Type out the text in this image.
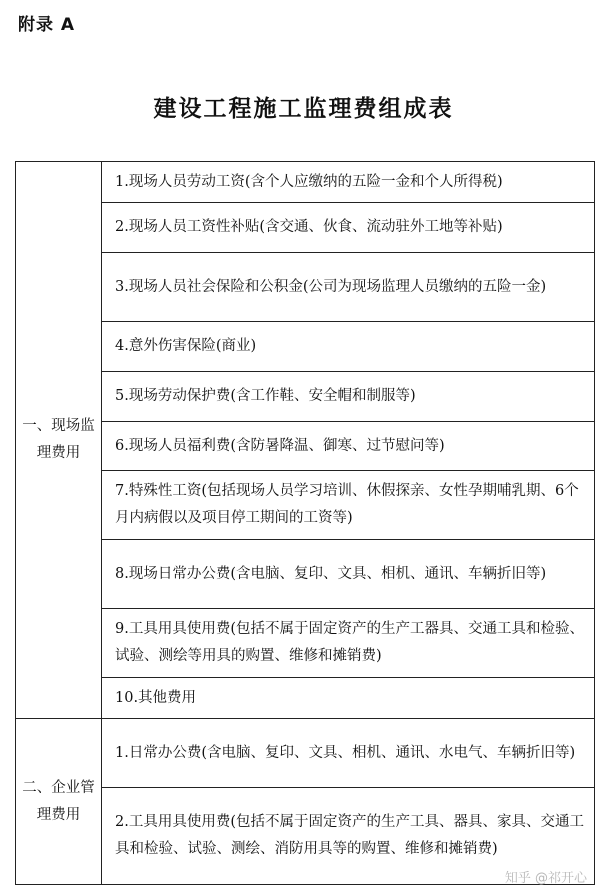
附录 A
建设工程施工监理费组成表
一、现场监理费用	1.现场人员劳动工资(含个人应缴纳的五险一金和个人所得税)
	2.现场人员工资性补贴(含交通、伙食、流动驻外工地等补贴)
	3.现场人员社会保险和公积金(公司为现场监理人员缴纳的五险一金)
	4.意外伤害保险(商业)
	5.现场劳动保护费(含工作鞋、安全帽和制服等)
	6.现场人员福利费(含防暑降温、御寒、过节慰问等)
	7.特殊性工资(包括现场人员学习培训、休假探亲、女性孕期哺乳期、6个月内病假以及项目停工期间的工资等)
	8.现场日常办公费(含电脑、复印、文具、相机、通讯、车辆折旧等)
	9.工具用具使用费(包括不属于固定资产的生产工器具、交通工具和检验、试验、测绘等用具的购置、维修和摊销费)
	10.其他费用
二、企业管理费用	1.日常办公费(含电脑、复印、文具、相机、通讯、水电气、车辆折旧等)
	2.工具用具使用费(包括不属于固定资产的生产工具、器具、家具、交通工具和检验、试验、测绘、消防用具等的购置、维修和摊销费)
知乎 @祁开心
